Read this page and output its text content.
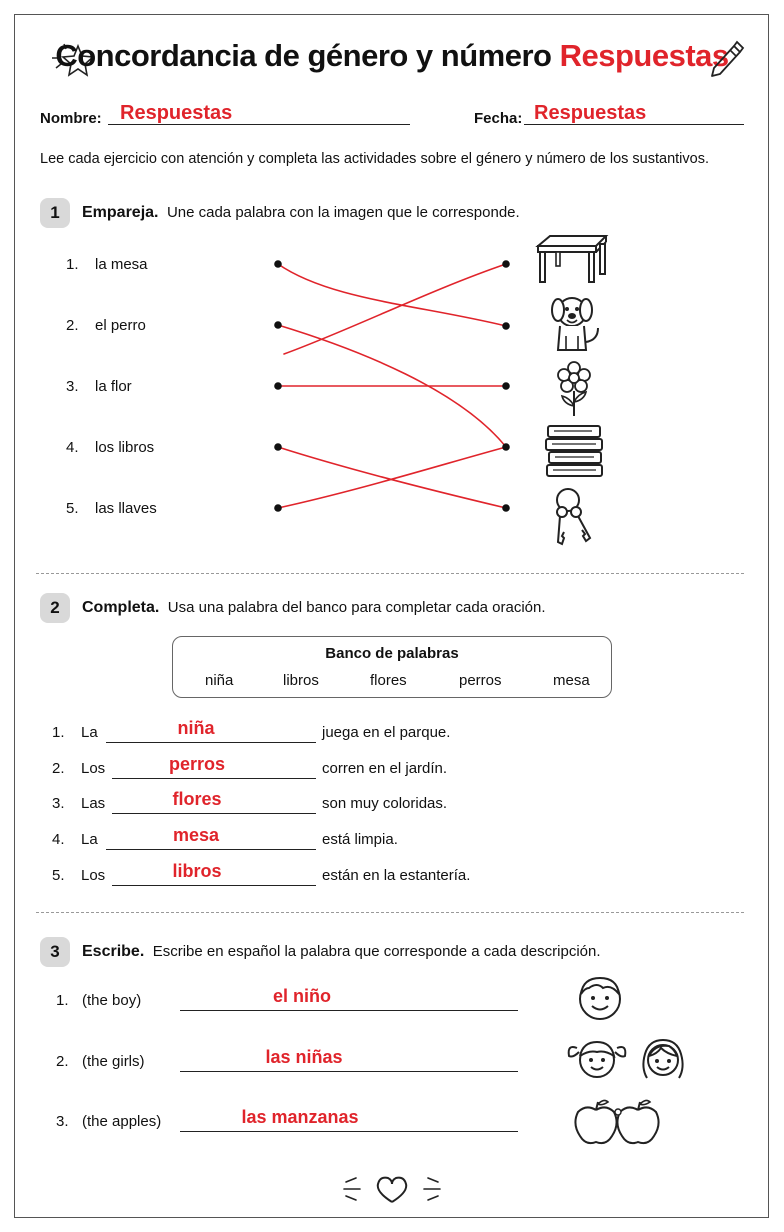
Concordancia de género y número Respuestas
Nombre: Respuestas	Fecha: Respuestas
Lee cada ejercicio con atención y completa las actividades sobre el género y número de los sustantivos.
1	Empareja. Une cada palabra con la imagen que le corresponde.
1. la mesa
2. el perro
3. la flor
4. los libros
5. las llaves
2	Completa. Usa una palabra del banco para completar cada oración.
Banco de palabras
niña	libros	flores	perros	mesa
1. La	niña	juega en el parque.
2. Los	perros	corren en el jardín.
3. Las	flores	son muy coloridas.
4. La	mesa	está limpia.
5. Los	libros	están en la estantería.
3	Escribe. Escribe en español la palabra que corresponde a cada descripción.
1. (the boy)	el niño
2. (the girls)	las niñas
3. (the apples)	las manzanas
